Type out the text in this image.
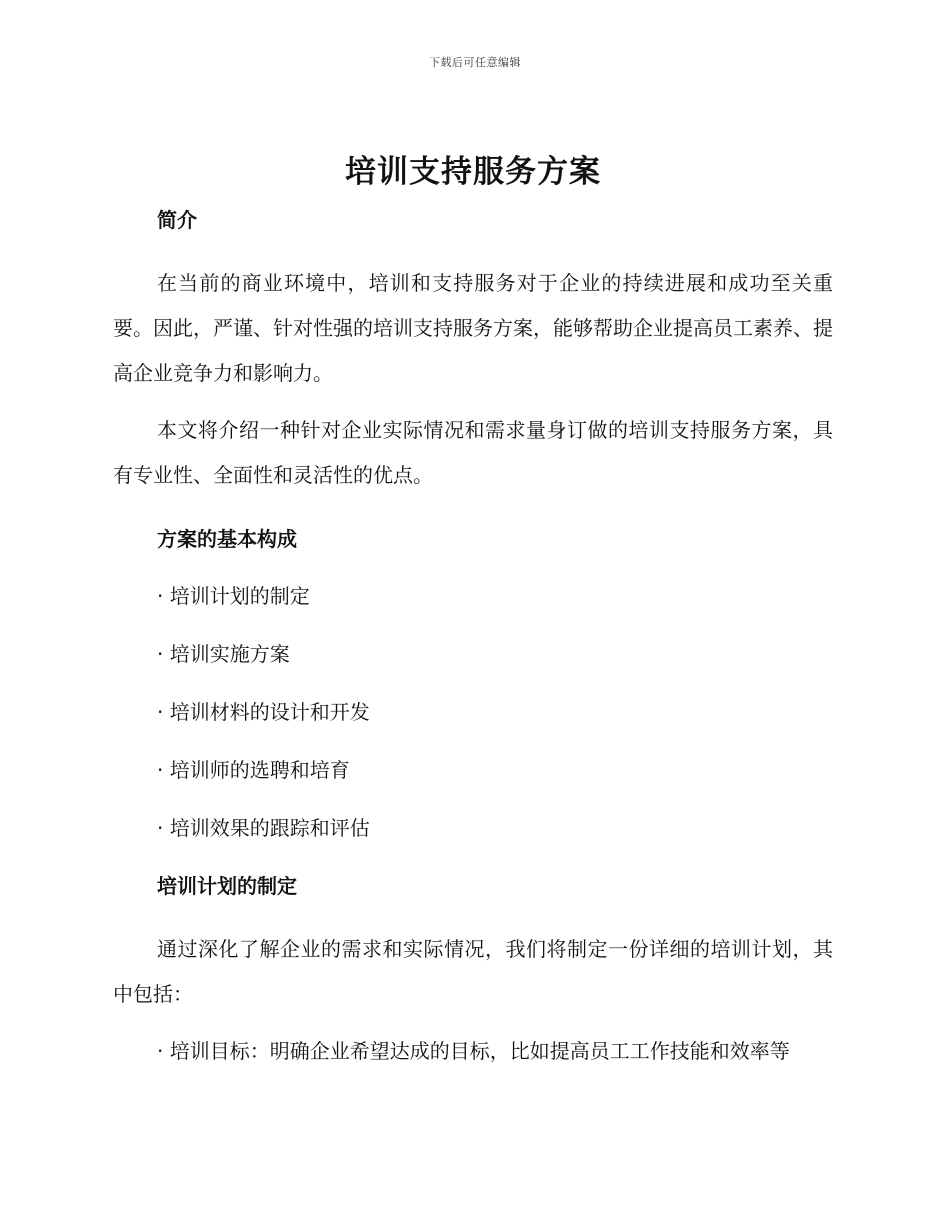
下载后可任意编辑
培训支持服务方案
简介
在当前的商业环境中，培训和支持服务对于企业的持续进展和成功至关重要。因此，严谨、针对性强的培训支持服务方案，能够帮助企业提高员工素养、提高企业竞争力和影响力。
本文将介绍一种针对企业实际情况和需求量身订做的培训支持服务方案，具有专业性、全面性和灵活性的优点。
方案的基本构成
· 培训计划的制定
· 培训实施方案
· 培训材料的设计和开发
· 培训师的选聘和培育
· 培训效果的跟踪和评估
培训计划的制定
通过深化了解企业的需求和实际情况，我们将制定一份详细的培训计划，其中包括：
· 培训目标：明确企业希望达成的目标，比如提高员工工作技能和效率等
